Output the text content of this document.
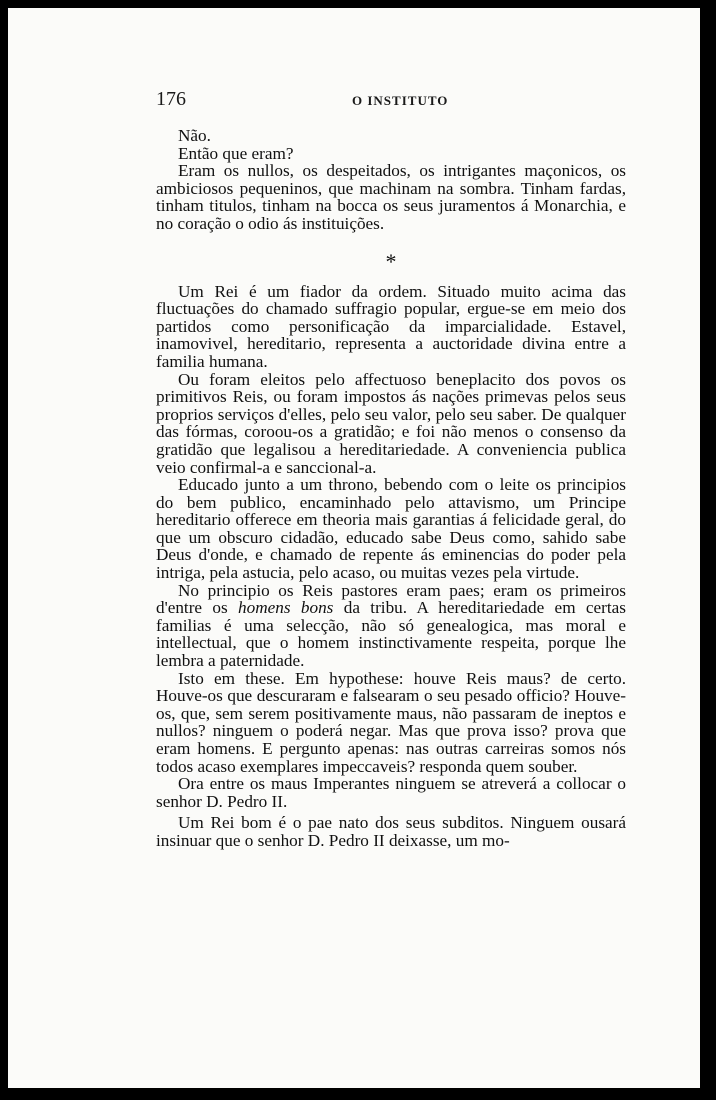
176	O INSTITUTO

Não.

Então que eram?

Eram os nullos, os despeitados, os intrigantes maçonicos, os ambiciosos pequeninos, que machinam na sombra. Tinham fardas, tinham titulos, tinham na bocca os seus juramentos á Monarchia, e no coração o odio ás instituições.

*

Um Rei é um fiador da ordem. Situado muito acima das fluctuações do chamado suffragio popular, ergue-se em meio dos partidos como personificação da imparcialidade. Estavel, inamovivel, hereditario, representa a auctoridade divina entre a familia humana.

Ou foram eleitos pelo affectuoso beneplacito dos povos os primitivos Reis, ou foram impostos ás nações primevas pelos seus proprios serviços d'elles, pelo seu valor, pelo seu saber. De qualquer das fórmas, coroou-os a gratidão; e foi não menos o consenso da gratidão que legalisou a hereditariedade. A conveniencia publica veio confirmal-a e sanccional-a.

Educado junto a um throno, bebendo com o leite os principios do bem publico, encaminhado pelo attavismo, um Principe hereditario offerece em theoria mais garantias á felicidade geral, do que um obscuro cidadão, educado sabe Deus como, sahido sabe Deus d'onde, e chamado de repente ás eminencias do poder pela intriga, pela astucia, pelo acaso, ou muitas vezes pela virtude.

No principio os Reis pastores eram paes; eram os primeiros d'entre os homens bons da tribu. A hereditariedade em certas familias é uma selecção, não só genealogica, mas moral e intellectual, que o homem instinctivamente respeita, porque lhe lembra a paternidade.

Isto em these. Em hypothese: houve Reis maus? de certo. Houve-os que descuraram e falsearam o seu pesado officio? Houve-os, que, sem serem positivamente maus, não passaram de ineptos e nullos? ninguem o poderá negar. Mas que prova isso? prova que eram homens. E pergunto apenas: nas outras carreiras somos nós todos acaso exemplares impeccaveis? responda quem souber.

Ora entre os maus Imperantes ninguem se atreverá a collocar o senhor D. Pedro II.

Um Rei bom é o pae nato dos seus subditos. Ninguem ousará insinuar que o senhor D. Pedro II deixasse, um mo-
